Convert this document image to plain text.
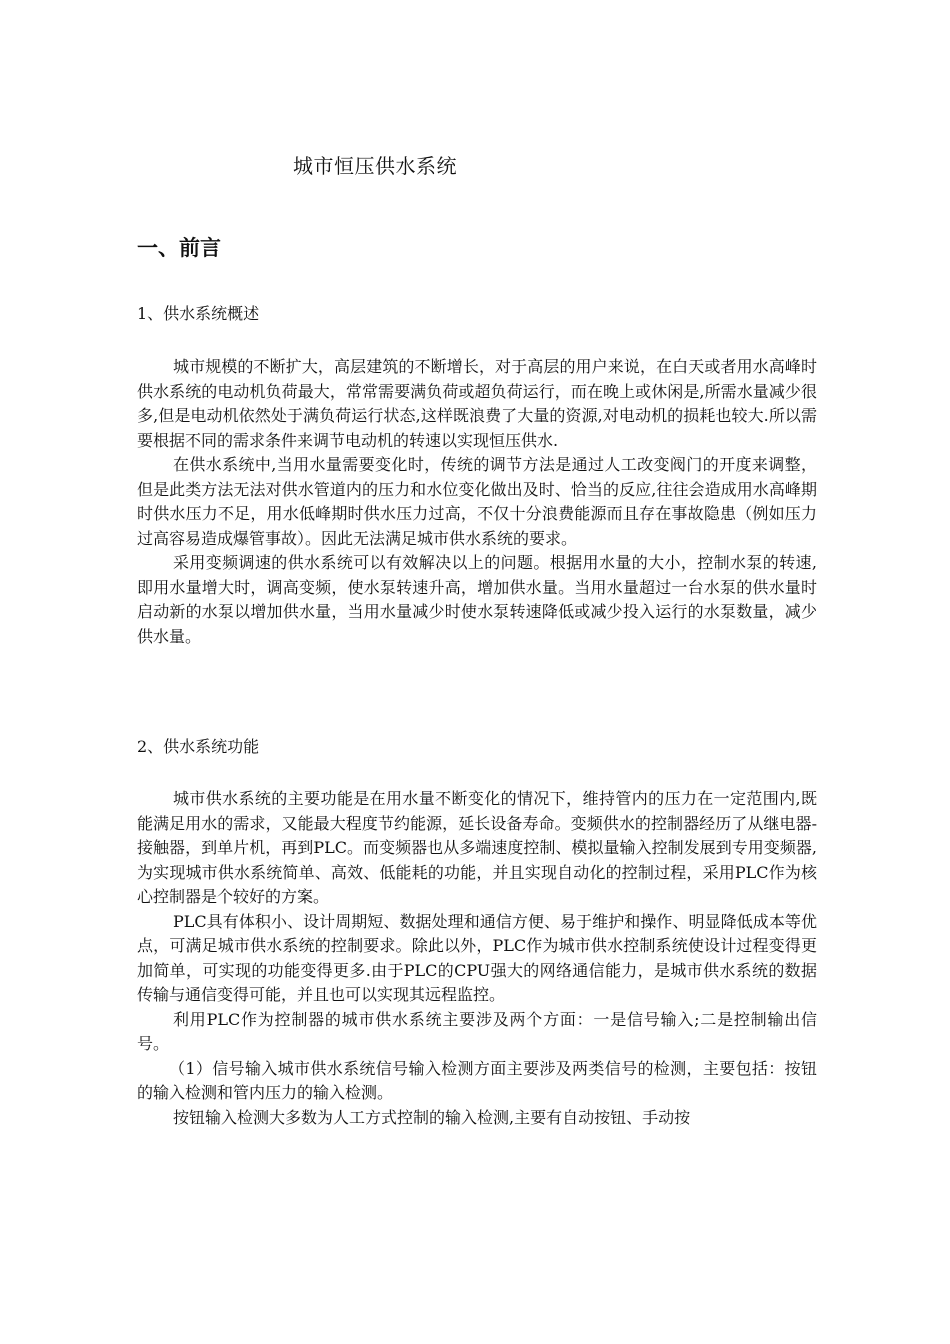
城市恒压供水系统
一、前言
1、供水系统概述

城市规模的不断扩大，高层建筑的不断增长，对于高层的用户来说，在白天或者用水高峰时供水系统的电动机负荷最大，常常需要满负荷或超负荷运行，而在晚上或休闲是,所需水量减少很多,但是电动机依然处于满负荷运行状态,这样既浪费了大量的资源,对电动机的损耗也较大.所以需要根据不同的需求条件来调节电动机的转速以实现恒压供水.

在供水系统中,当用水量需要变化时，传统的调节方法是通过人工改变阀门的开度来调整，但是此类方法无法对供水管道内的压力和水位变化做出及时、恰当的反应,往往会造成用水高峰期时供水压力不足，用水低峰期时供水压力过高，不仅十分浪费能源而且存在事故隐患（例如压力过高容易造成爆管事故）。因此无法满足城市供水系统的要求。

采用变频调速的供水系统可以有效解决以上的问题。根据用水量的大小，控制水泵的转速,即用水量增大时，调高变频，使水泵转速升高，增加供水量。当用水量超过一台水泵的供水量时启动新的水泵以增加供水量，当用水量减少时使水泵转速降低或减少投入运行的水泵数量，减少供水量。

2、供水系统功能

城市供水系统的主要功能是在用水量不断变化的情况下，维持管内的压力在一定范围内,既能满足用水的需求，又能最大程度节约能源，延长设备寿命。变频供水的控制器经历了从继电器-接触器，到单片机，再到PLC。而变频器也从多端速度控制、模拟量输入控制发展到专用变频器,为实现城市供水系统简单、高效、低能耗的功能，并且实现自动化的控制过程，采用PLC作为核心控制器是个较好的方案。

PLC具有体积小、设计周期短、数据处理和通信方便、易于维护和操作、明显降低成本等优点，可满足城市供水系统的控制要求。除此以外，PLC作为城市供水控制系统使设计过程变得更加简单，可实现的功能变得更多.由于PLC的CPU强大的网络通信能力，是城市供水系统的数据传输与通信变得可能，并且也可以实现其远程监控。

利用PLC作为控制器的城市供水系统主要涉及两个方面：一是信号输入;二是控制输出信号。

（1）信号输入城市供水系统信号输入检测方面主要涉及两类信号的检测，主要包括：按钮的输入检测和管内压力的输入检测。

按钮输入检测大多数为人工方式控制的输入检测,主要有自动按钮、手动按
